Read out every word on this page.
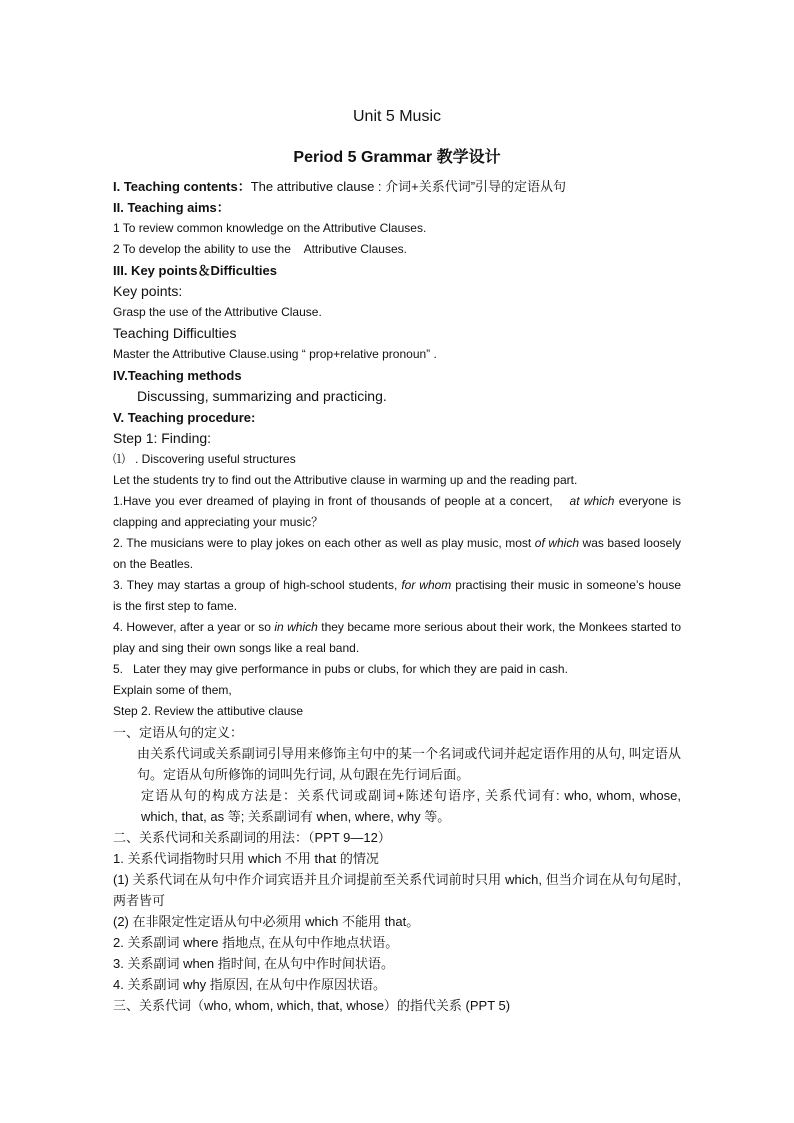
Unit 5 Music
Period 5 Grammar 教学设计
I. Teaching contents：The attributive clause : 介词+关系代词”引导的定语从句
II. Teaching aims：
1 To review common knowledge on the Attributive Clauses.
2 To develop the ability to use the    Attributive Clauses.
III. Key points＆Difficulties
Key points:
Grasp the use of the Attributive Clause.
Teaching Difficulties
Master the Attributive Clause.using “ prop+relative pronoun” .
IV.Teaching methods
Discussing, summarizing and practicing.
V. Teaching procedure:
Step 1: Finding:
⑴   . Discovering useful structures
Let the students try to find out the Attributive clause in warming up and the reading part.
1.Have you ever dreamed of playing in front of thousands of people at a concert,    at which everyone is clapping and appreciating your music？
2. The musicians were to play jokes on each other as well as play music, most of which was based loosely on the Beatles.
3. They may startas a group of high-school students, for whom practising their music in someone’s house is the first step to fame.
4. However, after a year or so in which they became more serious about their work, the Monkees started to play and sing their own songs like a real band.
5.   Later they may give performance in pubs or clubs, for which they are paid in cash.
Explain some of them,
Step 2. Review the attibutive clause
一、定语从句的定义：
由关系代词或关系副词引导用来修饰主句中的某一个名词或代词并起定语作用的从句, 叫定语从句。定语从句所修饰的词叫先行词, 从句跟在先行词后面。
定语从句的构成方法是：关系代词或副词+陈述句语序, 关系代词有: who, whom, whose, which, that, as 等; 关系副词有 when, where, why 等。
二、关系代词和关系副词的用法：（PPT 9—12）
1. 关系代词指物时只用 which 不用 that 的情况
(1) 关系代词在从句中作介词宾语并且介词提前至关系代词前时只用 which, 但当介词在从句句尾时, 两者皆可
(2) 在非限定性定语从句中必须用 which 不能用 that。
2. 关系副词 where 指地点, 在从句中作地点状语。
3. 关系副词 when 指时间, 在从句中作时间状语。
4. 关系副词 why 指原因, 在从句中作原因状语。
三、关系代词（who, whom, which, that, whose）的指代关系 (PPT 5)
